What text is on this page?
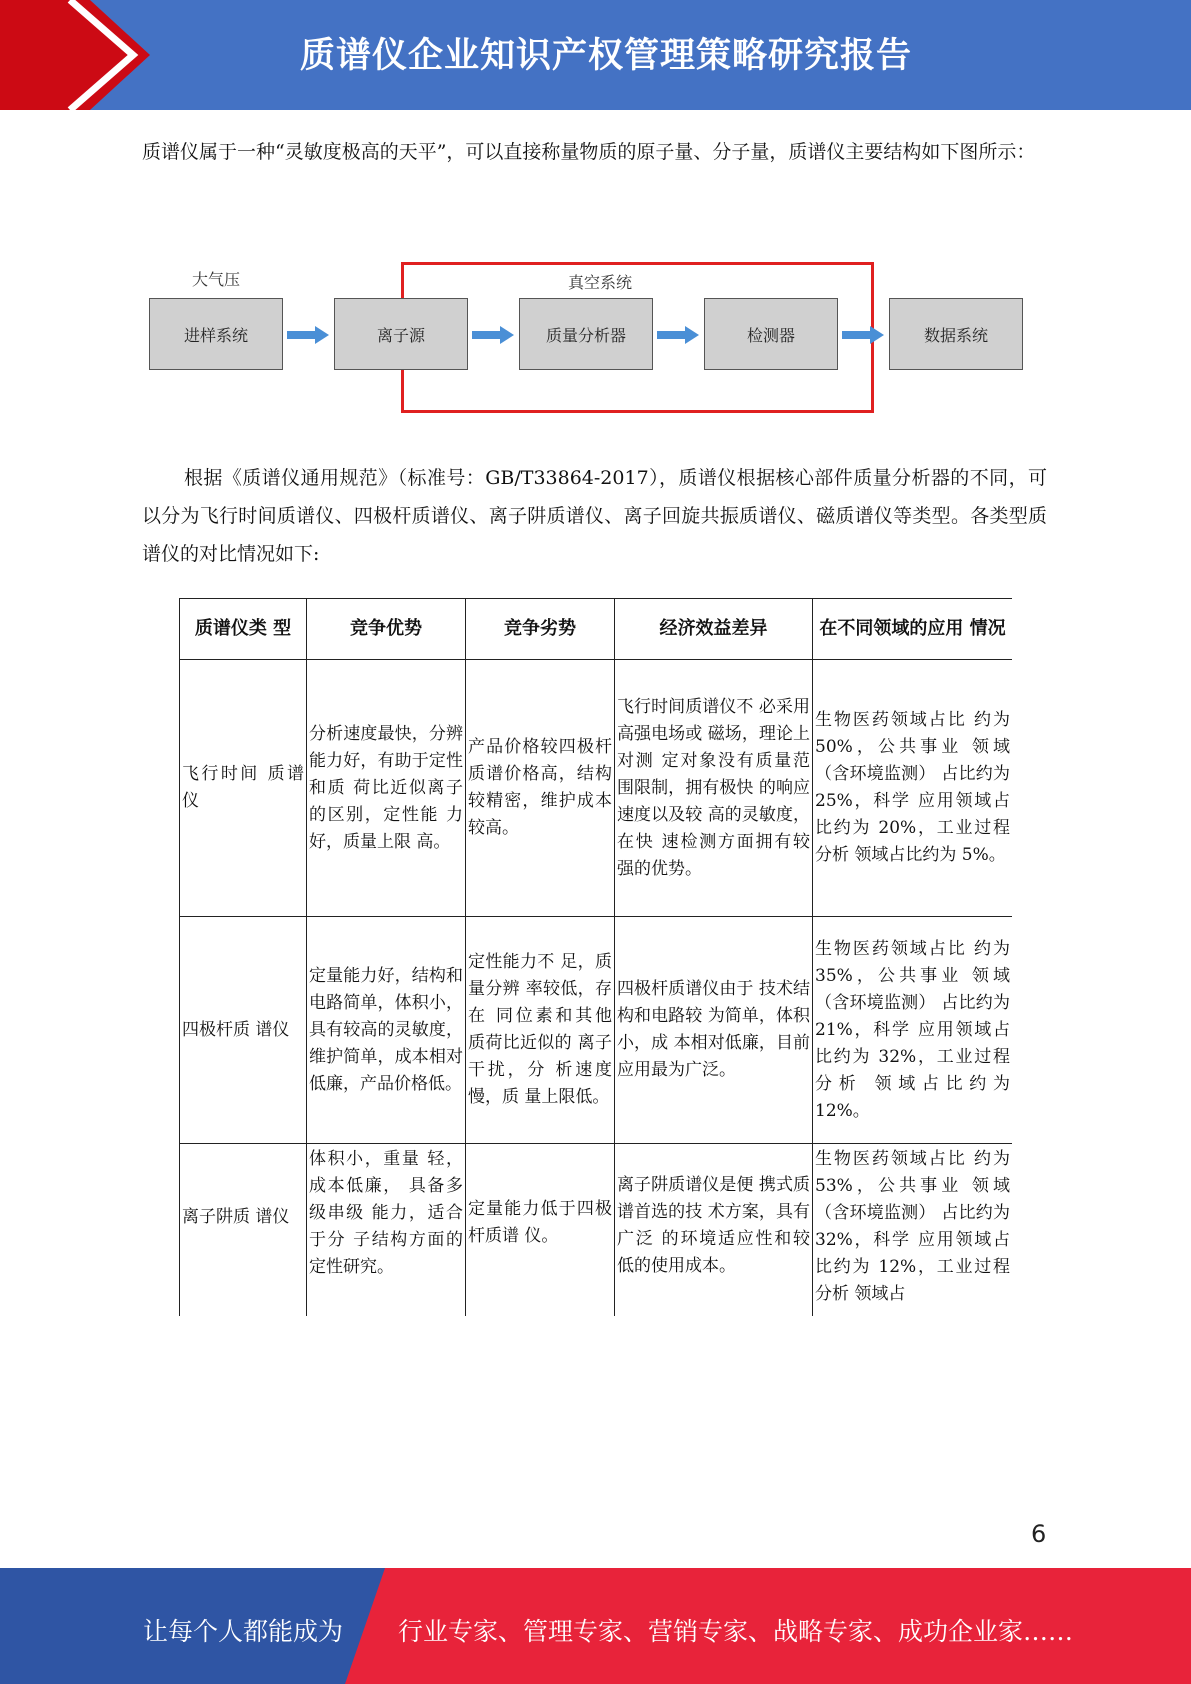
质谱仪企业知识产权管理策略研究报告

质谱仪属于一种“灵敏度极高的天平”，可以直接称量物质的原子量、分子量，质谱仪主要结构如下图所示：

大气压	真空系统
进样系统	离子源	质量分析器	检测器	数据系统

根据《质谱仪通用规范》（标准号：GB/T33864-2017），质谱仪根据核心部件质量分析器的不同，可以分为飞行时间质谱仪、四极杆质谱仪、离子阱质谱仪、离子回旋共振质谱仪、磁质谱仪等类型。各类型质谱仪的对比情况如下:

质谱仪类 型	竞争优势	竞争劣势	经济效益差异	在不同领域的应用 情况
飞行时间 质谱仪	分析速度最快，分辨能力好，有助于定性和质 荷比近似离子 的区别，定性能 力好，质量上限 高。	产品价格较四极杆质谱价格高，结构较精密，维护成本较高。	飞行时间质谱仪不 必采用高强电场或 磁场，理论上对测 定对象没有质量范 围限制，拥有极快 的响应速度以及较 高的灵敏度，在快 速检测方面拥有较 强的优势。	生物医药领域占比 约为 50%，公共事业 领域（含环境监测） 占比约为 25%，科学 应用领域占比约为 20%，工业过程分析 领域占比约为 5%。
四极杆质 谱仪	定量能力好，结构和电路简单，体积小，具有较高的灵敏度，维护简单，成本相对低廉，产品价格低。	定性能力不 足，质量分辨 率较低，存在 同位素和其他 质荷比近似的 离子干扰，分 析速度慢，质 量上限低。	四极杆质谱仪由于 技术结构和电路较 为简单，体积小，成 本相对低廉，目前 应用最为广泛。	生物医药领域占比 约为 35%，公共事业 领域（含环境监测） 占比约为 21%，科学 应用领域占比约为 32%，工业过程分析 领域占比约为 12%。
离子阱质 谱仪	体积小，重量 轻，成本低廉， 具备多级串级 能力，适合于分 子结构方面的 定性研究。	定量能力低于四极杆质谱 仪。	离子阱质谱仪是便 携式质谱首选的技 术方案，具有广泛 的环境适应性和较 低的使用成本。	生物医药领域占比 约为 53%，公共事业 领域（含环境监测） 占比约为 32%，科学 应用领域占比约为 12%，工业过程分析 领域占
6
让每个人都能成为 行业专家、管理专家、营销专家、战略专家、成功企业家……
